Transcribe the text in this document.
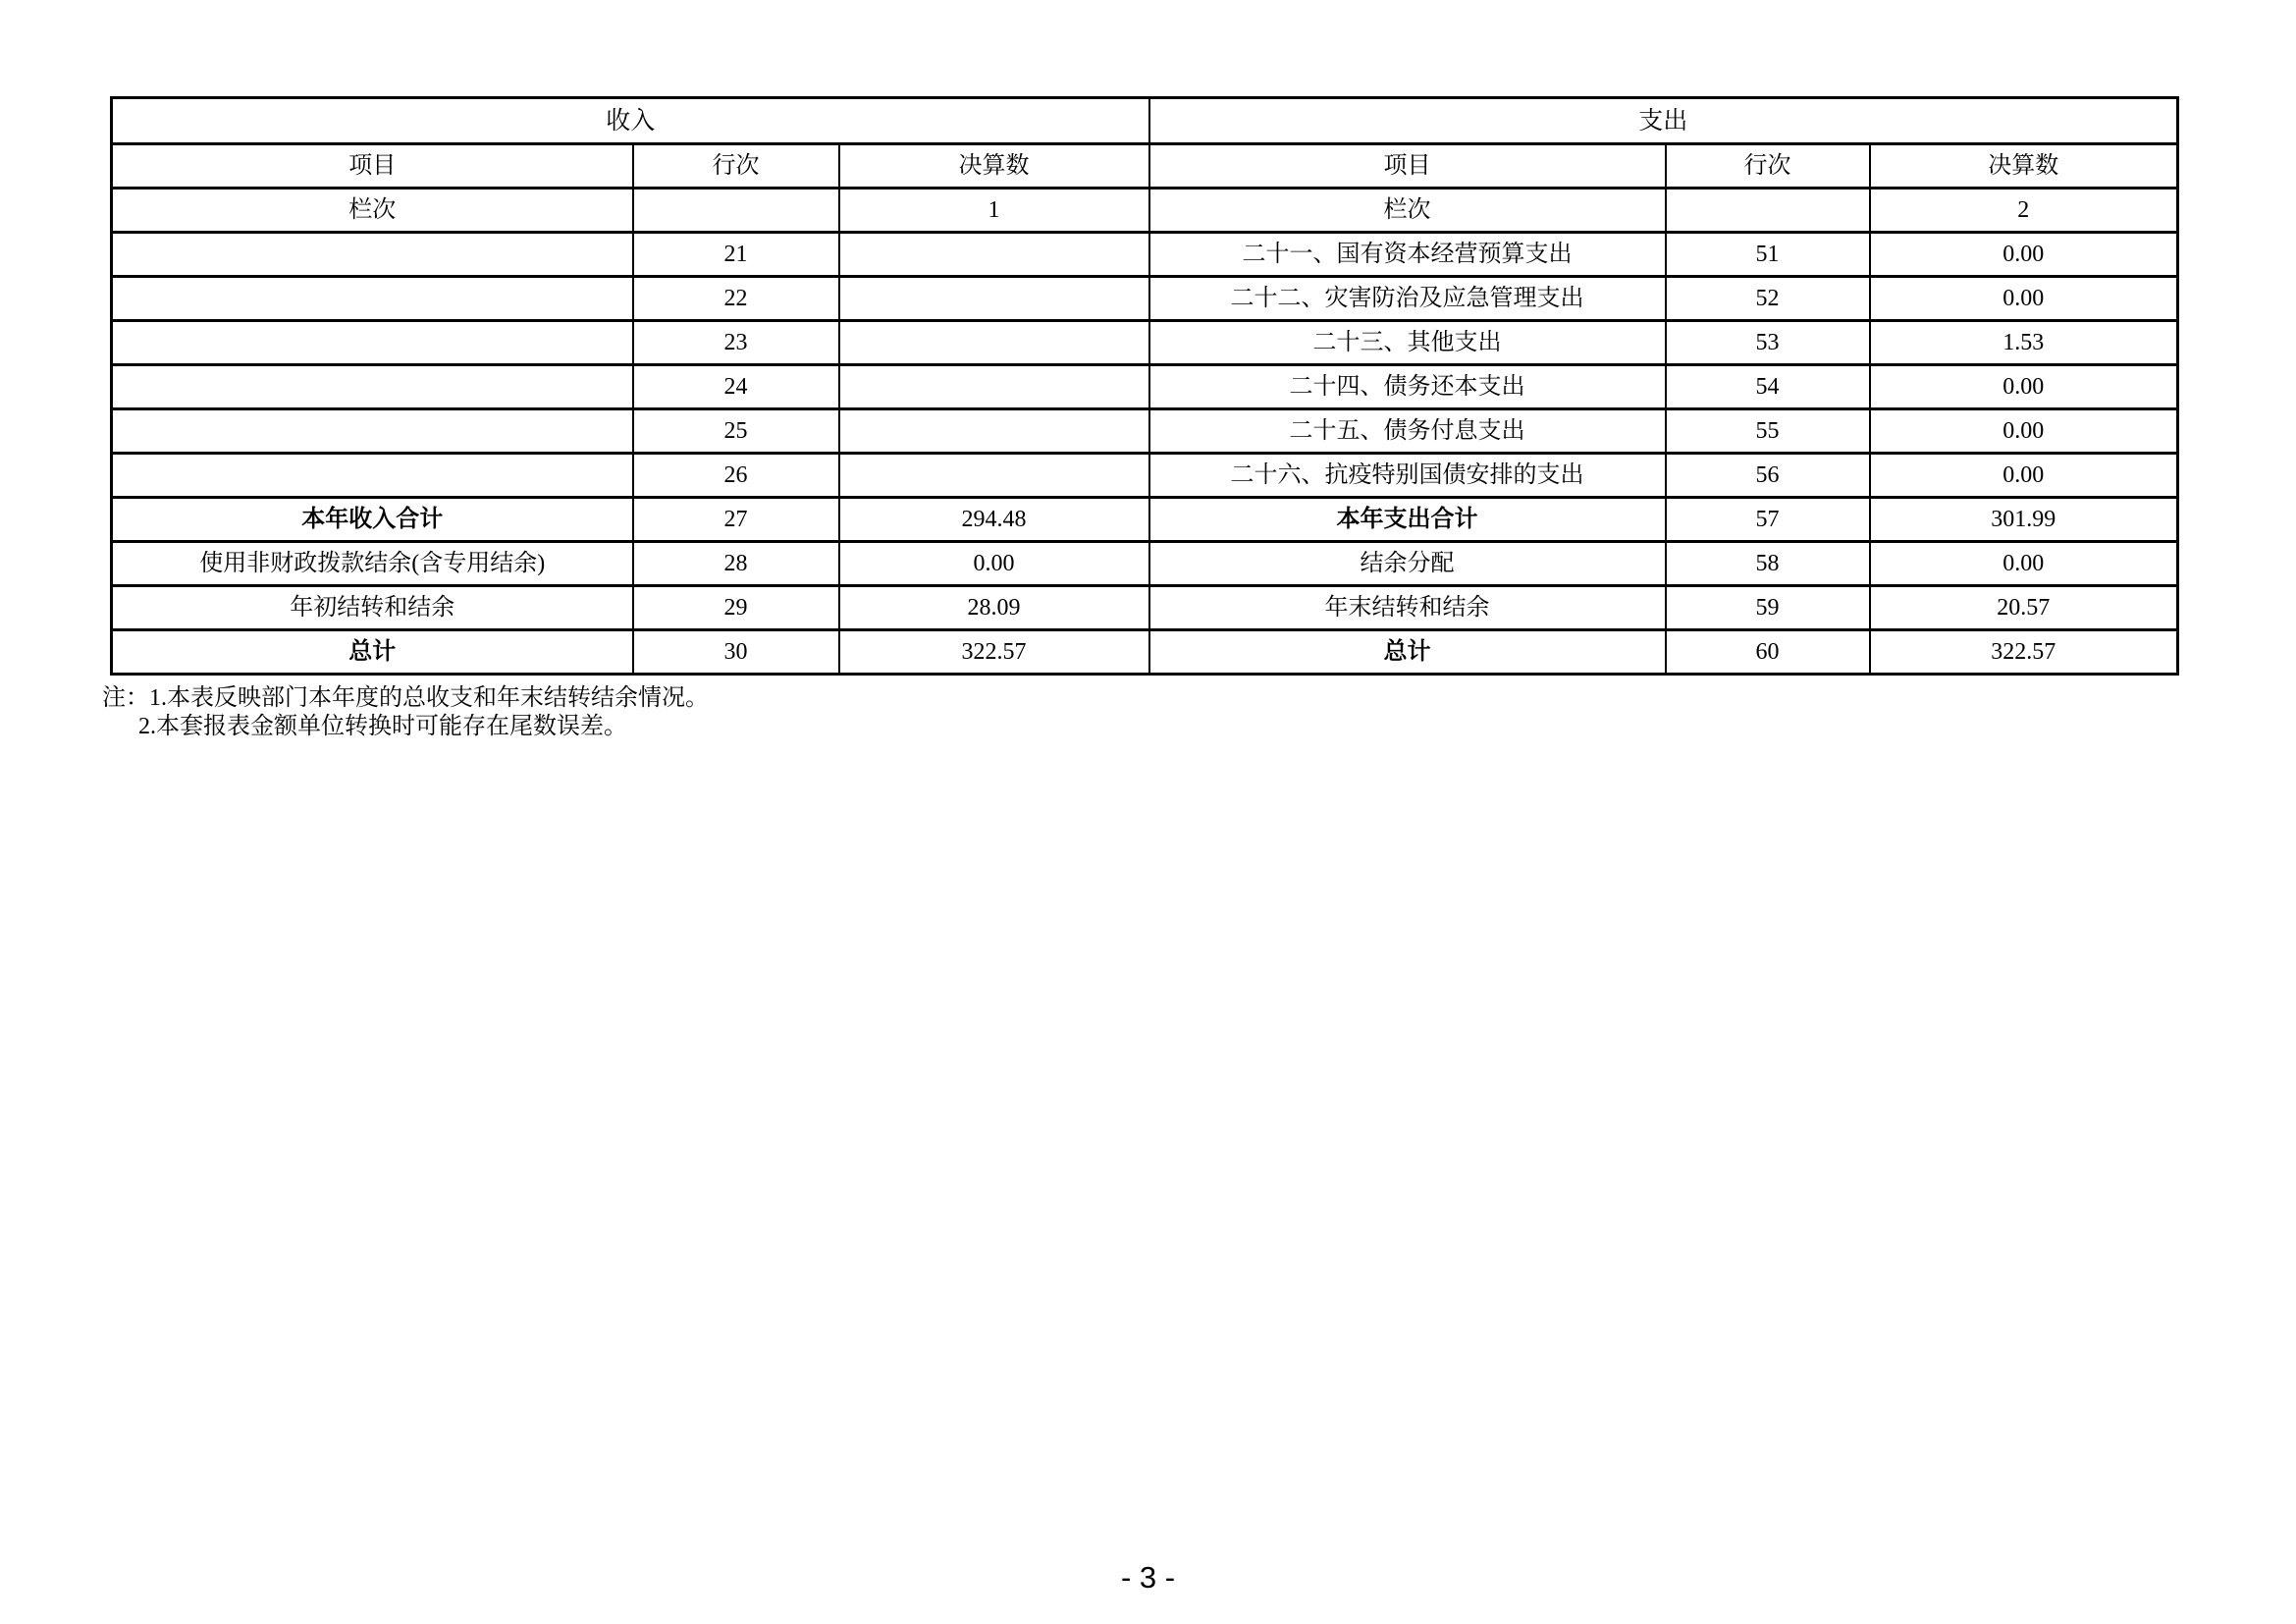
收入			支出		
项目	行次	决算数	项目	行次	决算数
栏次		1	栏次		2
	21		二十一、国有资本经营预算支出	51	0.00
	22		二十二、灾害防治及应急管理支出	52	0.00
	23		二十三、其他支出	53	1.53
	24		二十四、债务还本支出	54	0.00
	25		二十五、债务付息支出	55	0.00
	26		二十六、抗疫特别国债安排的支出	56	0.00
本年收入合计	27	294.48	本年支出合计	57	301.99
使用非财政拨款结余(含专用结余)	28	0.00	结余分配	58	0.00
年初结转和结余	29	28.09	年末结转和结余	59	20.57
总计	30	322.57	总计	60	322.57
注：1.本表反映部门本年度的总收支和年末结转结余情况。
2.本套报表金额单位转换时可能存在尾数误差。
- 3 -
